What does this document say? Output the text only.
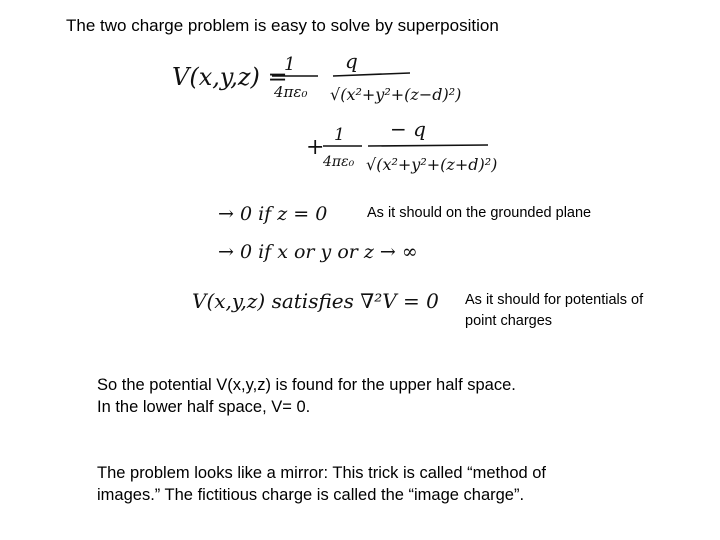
The two charge problem is easy to solve by superposition
V(x,y,z) =
1
4πε₀
q
√(x²+y²+(z−d)²)
+ 1
4πε₀
− q
√(x²+y²+(z+d)²)
→ 0 if z = 0
→ 0 if x or y or z → ∞
V(x,y,z) satisfies ∇²V = 0
As it should on the grounded plane
As it should for potentials of
point charges
So the potential V(x,y,z) is found for the upper half space.
In the lower half space, V= 0.
The problem looks like a mirror: This trick is called “method of
images.” The fictitious charge is called the “image charge”.
